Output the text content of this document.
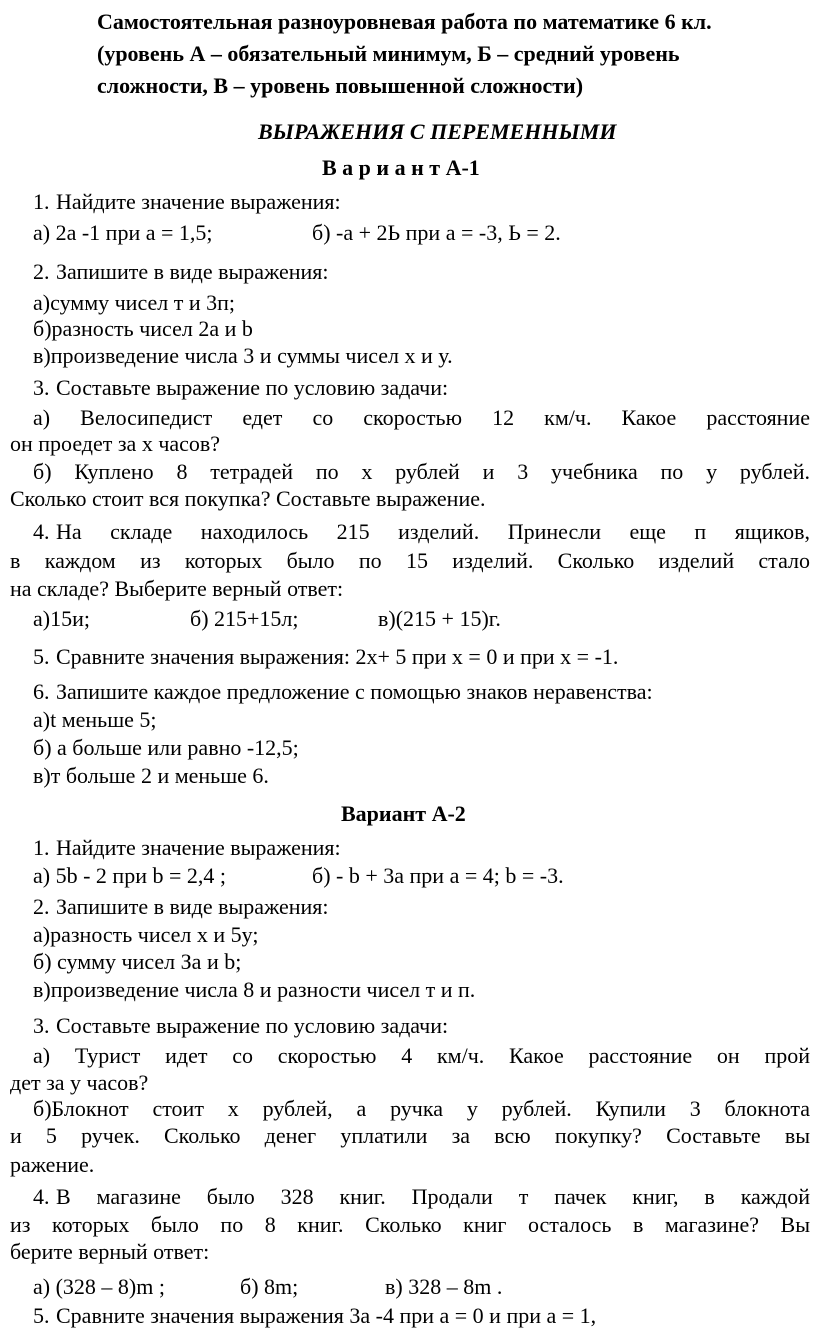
Самостоятельная разноуровневая работа по математике 6 кл.
(уровень А – обязательный минимум, Б – средний уровень
сложности, В – уровень повышенной сложности)
ВЫРАЖЕНИЯ С ПЕРЕМЕННЫМИ
В а р и а н т А-1
1. Найдите значение выражения:
а) 2а -1 при а = 1,5;	б) -а + 2Ь при а = -3, Ь = 2.
2. Запишите в виде выражения:
а)сумму чисел т и 3п;
б)разность чисел 2а и b
в)произведение числа 3 и суммы чисел х и у.
3. Составьте выражение по условию задачи:
а) Велосипедист едет со скоростью 12 км/ч. Какое расстояние
он проедет за х часов?
б) Куплено 8 тетрадей по х рублей и 3 учебника по у рублей.
Сколько стоит вся покупка? Составьте выражение.
4. На складе находилось 215 изделий. Принесли еще п ящиков,
в каждом из которых было по 15 изделий. Сколько изделий стало
на складе? Выберите верный ответ:
а)15и;	б) 215+15л;	в)(215 + 15)г.
5. Сравните значения выражения: 2х+ 5 при х = 0 и при х = -1.
6. Запишите каждое предложение с помощью знаков неравенства:
а)t меньше 5;
б) а больше или равно -12,5;
в)т больше 2 и меньше 6.
Вариант А-2
1. Найдите значение выражения:
а) 5b - 2 при b = 2,4 ;	б) - b + 3а при а = 4; b = -3.
2. Запишите в виде выражения:
а)разность чисел х и 5у;
б) сумму чисел За и b;
в)произведение числа 8 и разности чисел т и п.
3. Составьте выражение по условию задачи:
а) Турист идет со скоростью 4 км/ч. Какое расстояние он прой
дет за у часов?
б)Блокнот стоит х рублей, а ручка у рублей. Купили 3 блокнота
и 5 ручек. Сколько денег уплатили за всю покупку? Составьте вы
ражение.
4. В магазине было 328 книг. Продали т пачек книг, в каждой
из которых было по 8 книг. Сколько книг осталось в магазине? Вы
берите верный ответ:
а) (328 – 8)m ;	б) 8m;	в) 328 – 8m .
5. Сравните значения выражения 3а -4 при а = 0 и при а = 1,
